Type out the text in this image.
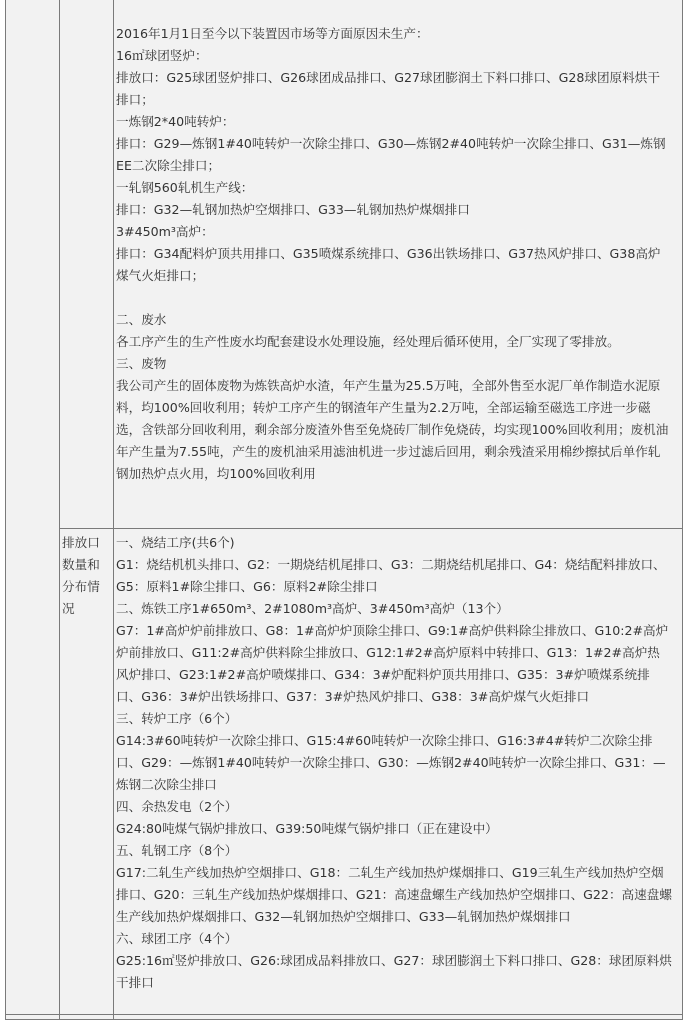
2016年1月1日至今以下装置因市场等方面原因未生产：

16㎡球团竖炉：

排放口：G25球团竖炉排口、G26球团成品排口、G27球团膨润土下料口排口、G28球团原料烘干排口；

一炼钢2*40吨转炉：

排口：G29—炼钢1#40吨转炉一次除尘排口、G30—炼钢2#40吨转炉一次除尘排口、G31—炼钢EE二次除尘排口；

一轧钢560轧机生产线：

排口：G32—轧钢加热炉空烟排口、G33—轧钢加热炉煤烟排口

3#450m³高炉：

排口：G34配料炉顶共用排口、G35喷煤系统排口、G36出铁场排口、G37热风炉排口、G38高炉煤气火炬排口；

二、废水

各工序产生的生产性废水均配套建设水处理设施，经处理后循环使用，全厂实现了零排放。

三、废物

我公司产生的固体废物为炼铁高炉水渣，年产生量为25.5万吨，全部外售至水泥厂单作制造水泥原料，均100%回收利用；转炉工序产生的钢渣年产生量为2.2万吨，全部运输至磁选工序进一步磁选，含铁部分回收利用，剩余部分废渣外售至免烧砖厂制作免烧砖，均实现100%回收利用；废机油年产生量为7.55吨，产生的废机油采用滤油机进一步过滤后回用，剩余残渣采用棉纱擦拭后单作轧钢加热炉点火用，均100%回收利用

排放口
数量和
分布情
况

一、烧结工序(共6个)

G1：烧结机机头排口、G2：一期烧结机尾排口、G3：二期烧结机尾排口、G4：烧结配料排放口、G5：原料1#除尘排口、G6：原料2#除尘排口

二、炼铁工序1#650m³、2#1080m³高炉、3#450m³高炉（13个）

G7：1#高炉炉前排放口、G8：1#高炉炉顶除尘排口、G9:1#高炉供料除尘排放口、G10:2#高炉炉前排放口、G11:2#高炉供料除尘排放口、G12:1#2#高炉原料中转排口、G13：1#2#高炉热风炉排口、G23:1#2#高炉喷煤排口、G34：3#炉配料炉顶共用排口、G35：3#炉喷煤系统排口、G36：3#炉出铁场排口、G37：3#炉热风炉排口、G38：3#高炉煤气火炬排口

三、转炉工序（6个）

G14:3#60吨转炉一次除尘排口、G15:4#60吨转炉一次除尘排口、G16:3#4#转炉二次除尘排口、G29：—炼钢1#40吨转炉一次除尘排口、G30：—炼钢2#40吨转炉一次除尘排口、G31：—炼钢二次除尘排口

四、余热发电（2个）

G24:80吨煤气锅炉排放口、G39:50吨煤气锅炉排口（正在建设中）

五、轧钢工序（8个）

G17:二轧生产线加热炉空烟排口、G18：二轧生产线加热炉煤烟排口、G19三轧生产线加热炉空烟排口、G20：三轧生产线加热炉煤烟排口、G21：高速盘螺生产线加热炉空烟排口、G22：高速盘螺生产线加热炉煤烟排口、G32—轧钢加热炉空烟排口、G33—轧钢加热炉煤烟排口

六、球团工序（4个）

G25:16㎡竖炉排放口、G26:球团成品料排放口、G27：球团膨润土下料口排口、G28：球团原料烘干排口
